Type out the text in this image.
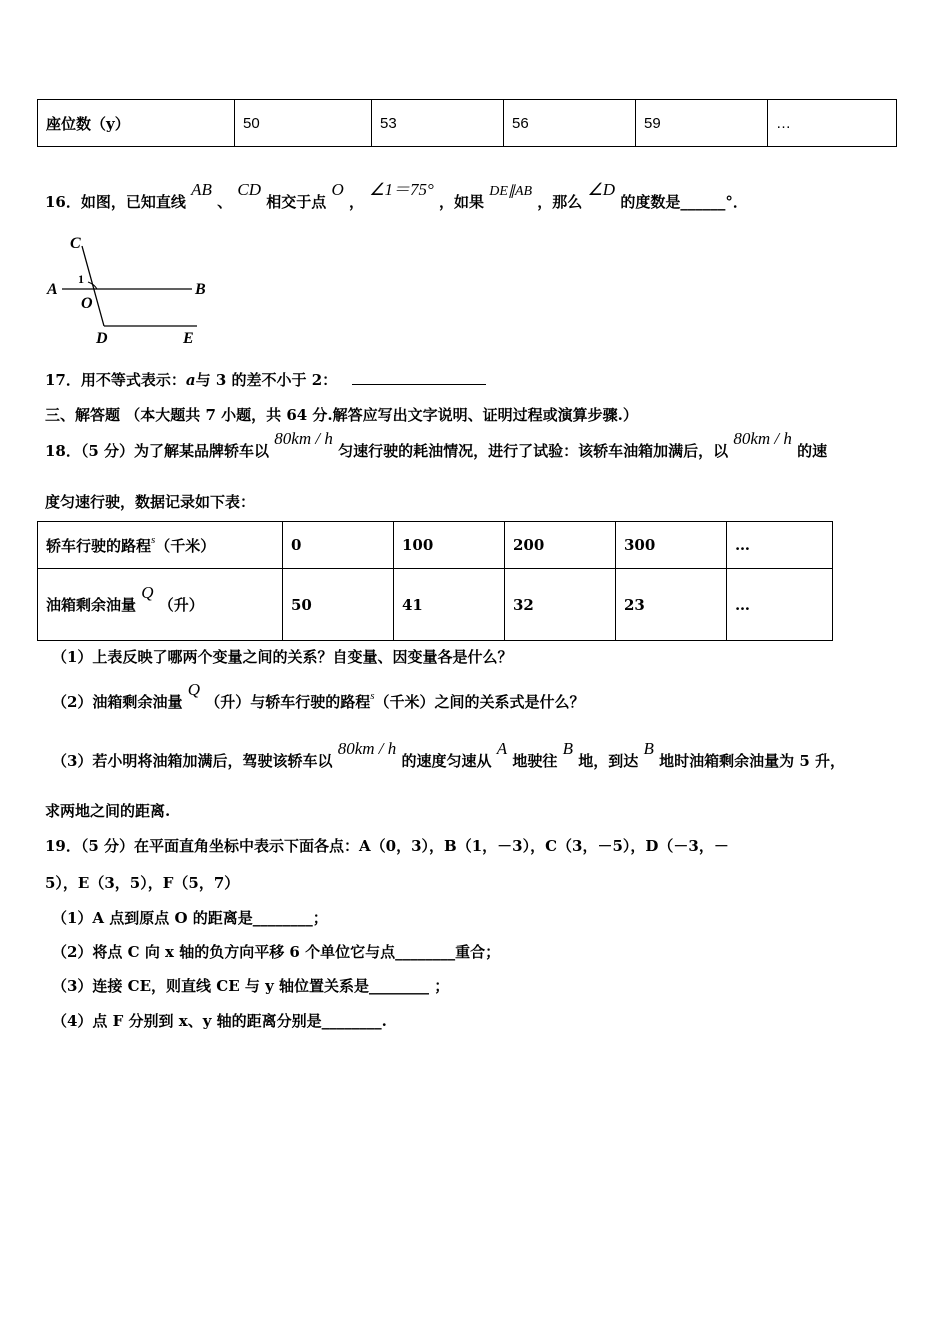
座位数（y）	50	53	56	59	…
16．如图，已知直线 AB 、 CD 相交于点 O ， ∠1＝75° ，如果 DE∥AB ，那么 ∠D 的度数是______°．
C
A	B
O
D	E
1
17．用不等式表示：a与 3 的差不小于 2：
三、解答题 （本大题共 7 小题，共 64 分.解答应写出文字说明、证明过程或演算步骤.）
18．（5 分）为了解某品牌轿车以 80km / h 匀速行驶的耗油情况，进行了试验：该轿车油箱加满后，以 80km / h 的速
度匀速行驶，数据记录如下表：
轿车行驶的路程$^s$（千米）	0	100	200	300	…
油箱剩余油量 Q （升）	50	41	32	23	…
（1）上表反映了哪两个变量之间的关系？自变量、因变量各是什么？
（2）油箱剩余油量 Q （升）与轿车行驶的路程$^s$（千米）之间的关系式是什么？
（3）若小明将油箱加满后，驾驶该轿车以 80km / h 的速度匀速从 A 地驶往 B 地，到达 B 地时油箱剩余油量为 5 升，
求两地之间的距离.
19．（5 分）在平面直角坐标中表示下面各点：A（0，3），B（1，－3），C（3，－5），D（－3，－
5），E（3，5），F（5，7）
（1）A 点到原点 O 的距离是________；
（2）将点 C 向 x 轴的负方向平移 6 个单位它与点________重合；
（3）连接 CE，则直线 CE 与 y 轴位置关系是________ ；
（4）点 F 分别到 x、y 轴的距离分别是________.
